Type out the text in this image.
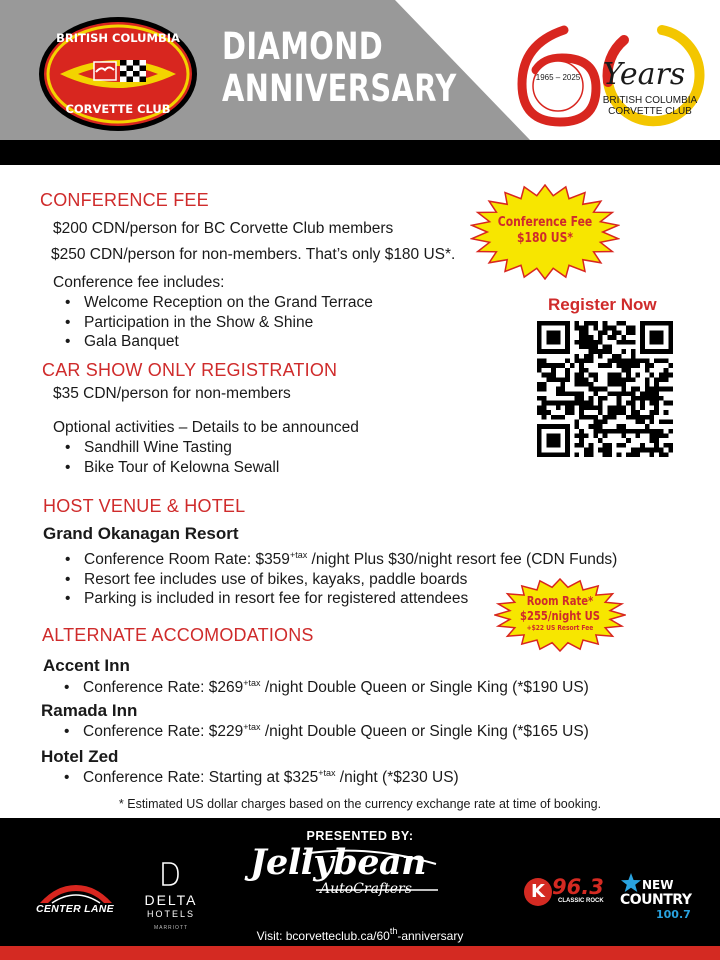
BRITISH COLUMBIA
CORVETTE CLUB
DIAMOND
ANNIVERSARY	1965 – 2025 Years
BRITISH COLUMBIA
CORVETTE CLUB
CONFERENCE FEE
$200 CDN/person for BC Corvette Club members
$250 CDN/person for non-members. That’s only $180 US*.
Conference fee includes:
• Welcome Reception on the Grand Terrace
• Participation in the Show & Shine
• Gala Banquet
Conference Fee
$180 US*
Register Now
CAR SHOW ONLY REGISTRATION
$35 CDN/person for non-members
Optional activities – Details to be announced
• Sandhill Wine Tasting
• Bike Tour of Kelowna Sewall
HOST VENUE & HOTEL
Grand Okanagan Resort
• Conference Room Rate: $\$359^{+tax}$ /night Plus $30/night resort fee (CDN Funds)
• Resort fee includes use of bikes, kayaks, paddle boards
• Parking is included in resort fee for registered attendees	Room Rate*
$255/night US
+$22 US Resort Fee
ALTERNATE ACCOMODATIONS
Accent Inn
• Conference Rate: $\$269^{+tax}$ /night Double Queen or Single King (*$190 US)
Ramada Inn
• Conference Rate: $\$229^{+tax}$ /night Double Queen or Single King (*$165 US)
Hotel Zed
• Conference Rate: Starting at $\$325^{+tax}$ /night (*$230 US)
* Estimated US dollar charges based on the currency exchange rate at time of booking.
PRESENTED BY:
Jellybean
AutoCrafters
CENTER LANE
DELTA
HOTELS
MARRIOTT
K 96.3
CLASSIC ROCK
NEW
COUNTRY
100.7
Visit: bcorvetteclub.ca/60th-anniversary
